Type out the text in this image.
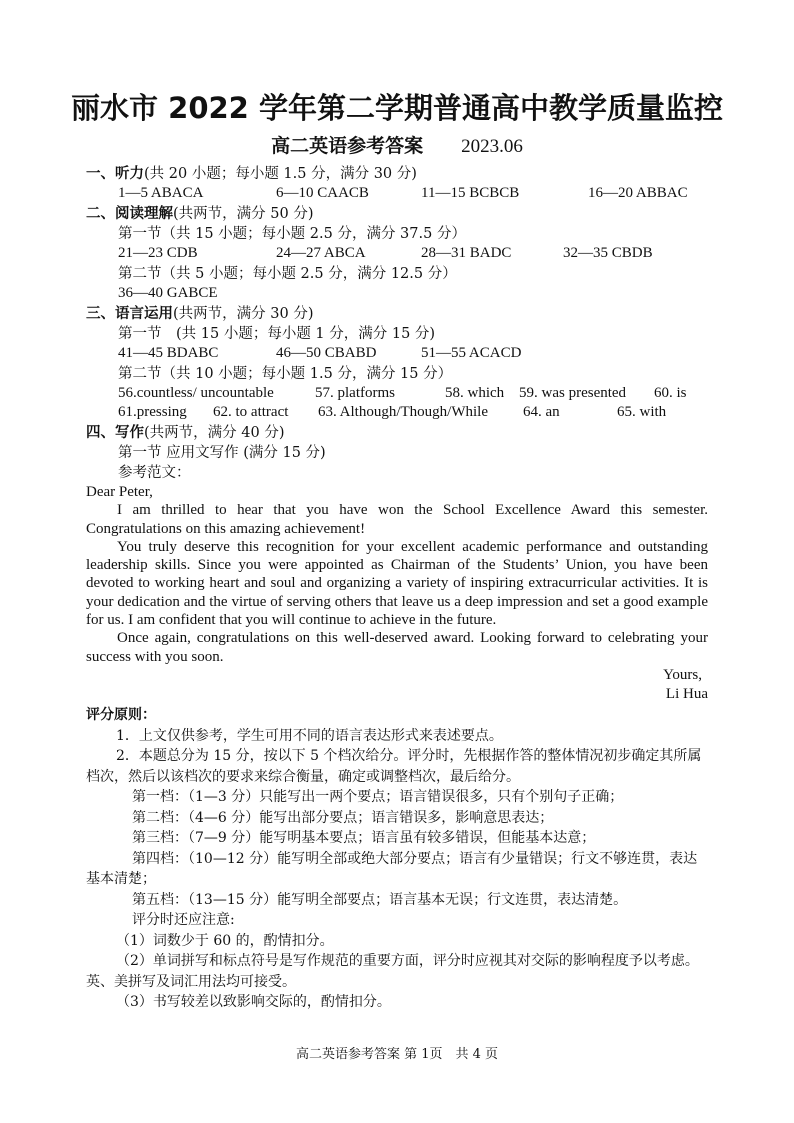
丽水市 2022 学年第二学期普通高中教学质量监控
高二英语参考答案 2023.06
一、听力(共 20 小题；每小题 1.5 分，满分 30 分)
1—5 ABACA	6—10 CAACB	11—15 BCBCB	16—20 ABBAC
二、阅读理解(共两节，满分 50 分)
第一节（共 15 小题；每小题 2.5 分，满分 37.5 分）
21—23 CDB	24—27 ABCA	28—31 BADC	32—35 CBDB
第二节（共 5 小题；每小题 2.5 分，满分 12.5 分）
36—40 GABCE
三、语言运用(共两节，满分 30 分)
第一节　(共 15 小题；每小题 1 分，满分 15 分)
41—45 BDABC	46—50 CBABD	51—55 ACACD
第二节（共 10 小题；每小题 1.5 分，满分 15 分）
56.countless/ uncountable	57. platforms	58. which 59. was presented 60. is
61.pressing 62. to attract 63. Although/Though/While 64. an	65. with
四、写作(共两节，满分 40 分)
第一节 应用文写作 (满分 15 分)
参考范文：

Dear Peter,

I am thrilled to hear that you have won the School Excellence Award this semester. Congratulations on this amazing achievement!

You truly deserve this recognition for your excellent academic performance and outstanding leadership skills. Since you were appointed as Chairman of the Students’ Union, you have been devoted to working heart and soul and organizing a variety of inspiring extracurricular activities. It is your dedication and the virtue of serving others that leave us a deep impression and set a good example for us. I am confident that you will continue to achieve in the future.

Once again, congratulations on this well-deserved award. Looking forward to celebrating your success with you soon.

Yours,
Li Hua

评分原则：

1．上文仅供参考，学生可用不同的语言表达形式来表述要点。

2．本题总分为 15 分，按以下 5 个档次给分。评分时，先根据作答的整体情况初步确定其所属档次，然后以该档次的要求来综合衡量，确定或调整档次，最后给分。

第一档：（1—3 分）只能写出一两个要点；语言错误很多，只有个别句子正确；

第二档：（4—6 分）能写出部分要点；语言错误多，影响意思表达；

第三档：（7—9 分）能写明基本要点；语言虽有较多错误，但能基本达意；

第四档：（10—12 分）能写明全部或绝大部分要点；语言有少量错误；行文不够连贯，表达基本清楚；

第五档：（13—15 分）能写明全部要点；语言基本无误；行文连贯，表达清楚。

评分时还应注意:

（1）词数少于 60 的，酌情扣分。

（2）单词拼写和标点符号是写作规范的重要方面，评分时应视其对交际的影响程度予以考虑。英、美拼写及词汇用法均可接受。

（3）书写较差以致影响交际的，酌情扣分。

高二英语参考答案 第 1页　共 4 页
